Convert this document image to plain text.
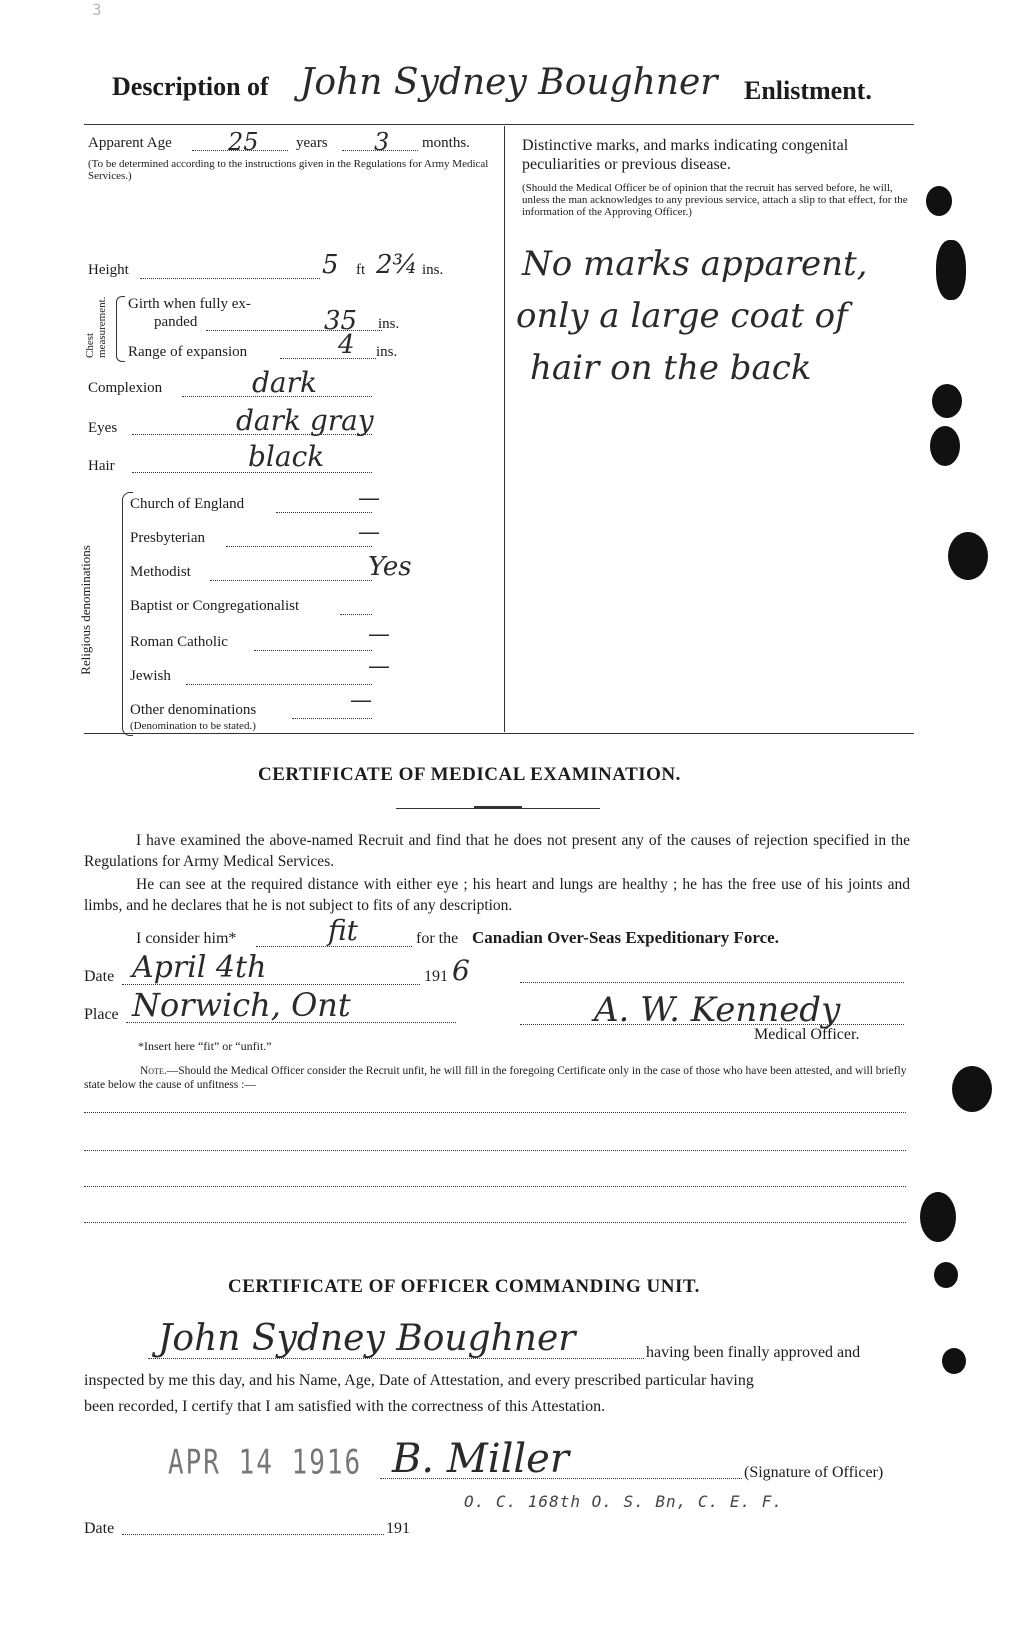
3
Description of John Sydney Boughner Enlistment.
Apparent Age 25 years 3 months.
(To be determined according to the instructions given in the Regulations for Army Medical Services.)
Height	5 ft 2¾ ins.
Chest measurement. Girth when fully ex-
panded	35 ins.
Range of expansion	4 ins.
Complexion	dark
Eyes	dark gray
Hair	black
Religious denominations
Church of England	—
Presbyterian	—
Methodist	Yes
Baptist or Congregationalist
Roman Catholic	—
Jewish	—
Other denominations	—
(Denomination to be stated.)
Distinctive marks, and marks indicating congenital peculiarities or previous disease.
(Should the Medical Officer be of opinion that the recruit has served before, he will, unless the man acknowledges to any previous service, attach a slip to that effect, for the information of the Approving Officer.)
No marks apparent,
only a large coat of
hair on the back
CERTIFICATE OF MEDICAL EXAMINATION.
I have examined the above-named Recruit and find that he does not present any of the causes of rejection specified in the Regulations for Army Medical Services.
He can see at the required distance with either eye ; his heart and lungs are healthy ; he has the free use of his joints and limbs, and he declares that he is not subject to fits of any description.
I consider him*	fit	for the Canadian Over-Seas Expeditionary Force.
Date April 4th	191 6
Place Norwich, Ont	A. W. Kennedy
Medical Officer.
*Insert here “fit” or “unfit.”
Note.—Should the Medical Officer consider the Recruit unfit, he will fill in the foregoing Certificate only in the case of those who have been attested, and will briefly state below the cause of unfitness :—
CERTIFICATE OF OFFICER COMMANDING UNIT.
John Sydney Boughner	having been finally approved and
inspected by me this day, and his Name, Age, Date of Attestation, and every prescribed particular having
been recorded, I certify that I am satisfied with the correctness of this Attestation.
APR 14 1916 B. Miller	(Signature of Officer)
O. C. 168th O. S. Bn, C. E. F.
Date	191
